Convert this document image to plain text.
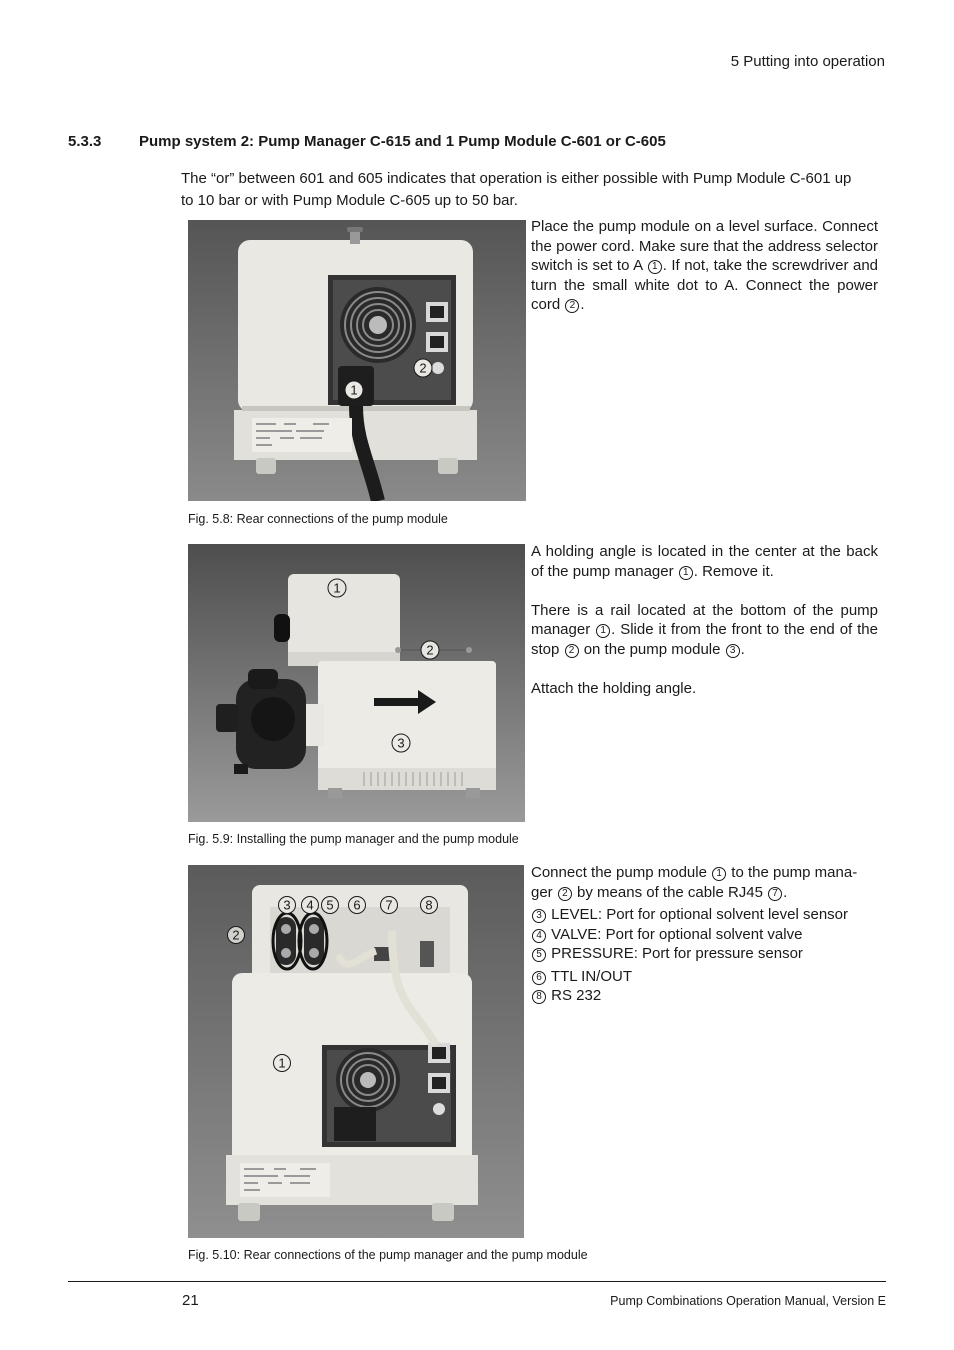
5 Putting into operation
5.3.3	Pump system 2: Pump Manager C-615 and 1 Pump Module C-601 or C-605
The “or” between 601 and 605 indicates that operation is either possible with Pump Module C-601 up
to 10 bar or with Pump Module C-605 up to 50 bar.
1
2
Place the pump module on a level surface. Connect the power cord. Make sure that the address selector switch is set to A 1 . If not, take the screwdriver and turn the small white dot to A. Connect the power cord 2 .
Fig. 5.8: Rear connections of the pump module
1
2
3
A holding angle is located in the center at the back of the pump manager 1 . Remove it.
There is a rail located at the bottom of the pump manager 1 . Slide it from the front to the end of the stop 2 on the pump module 3 .
Attach the holding angle.
Fig. 5.9: Installing the pump manager and the pump module
3 4 5 6 7	8
2
1
Connect the pump module 1 to the pump mana-
ger 2 by means of the cable RJ45 7 .
3 LEVEL: Port for optional solvent level sensor
4 VALVE: Port for optional solvent valve
5 PRESSURE: Port for pressure sensor
6 TTL IN/OUT
8 RS 232
Fig. 5.10: Rear connections of the pump manager and the pump module
21	Pump Combinations Operation Manual, Version E
